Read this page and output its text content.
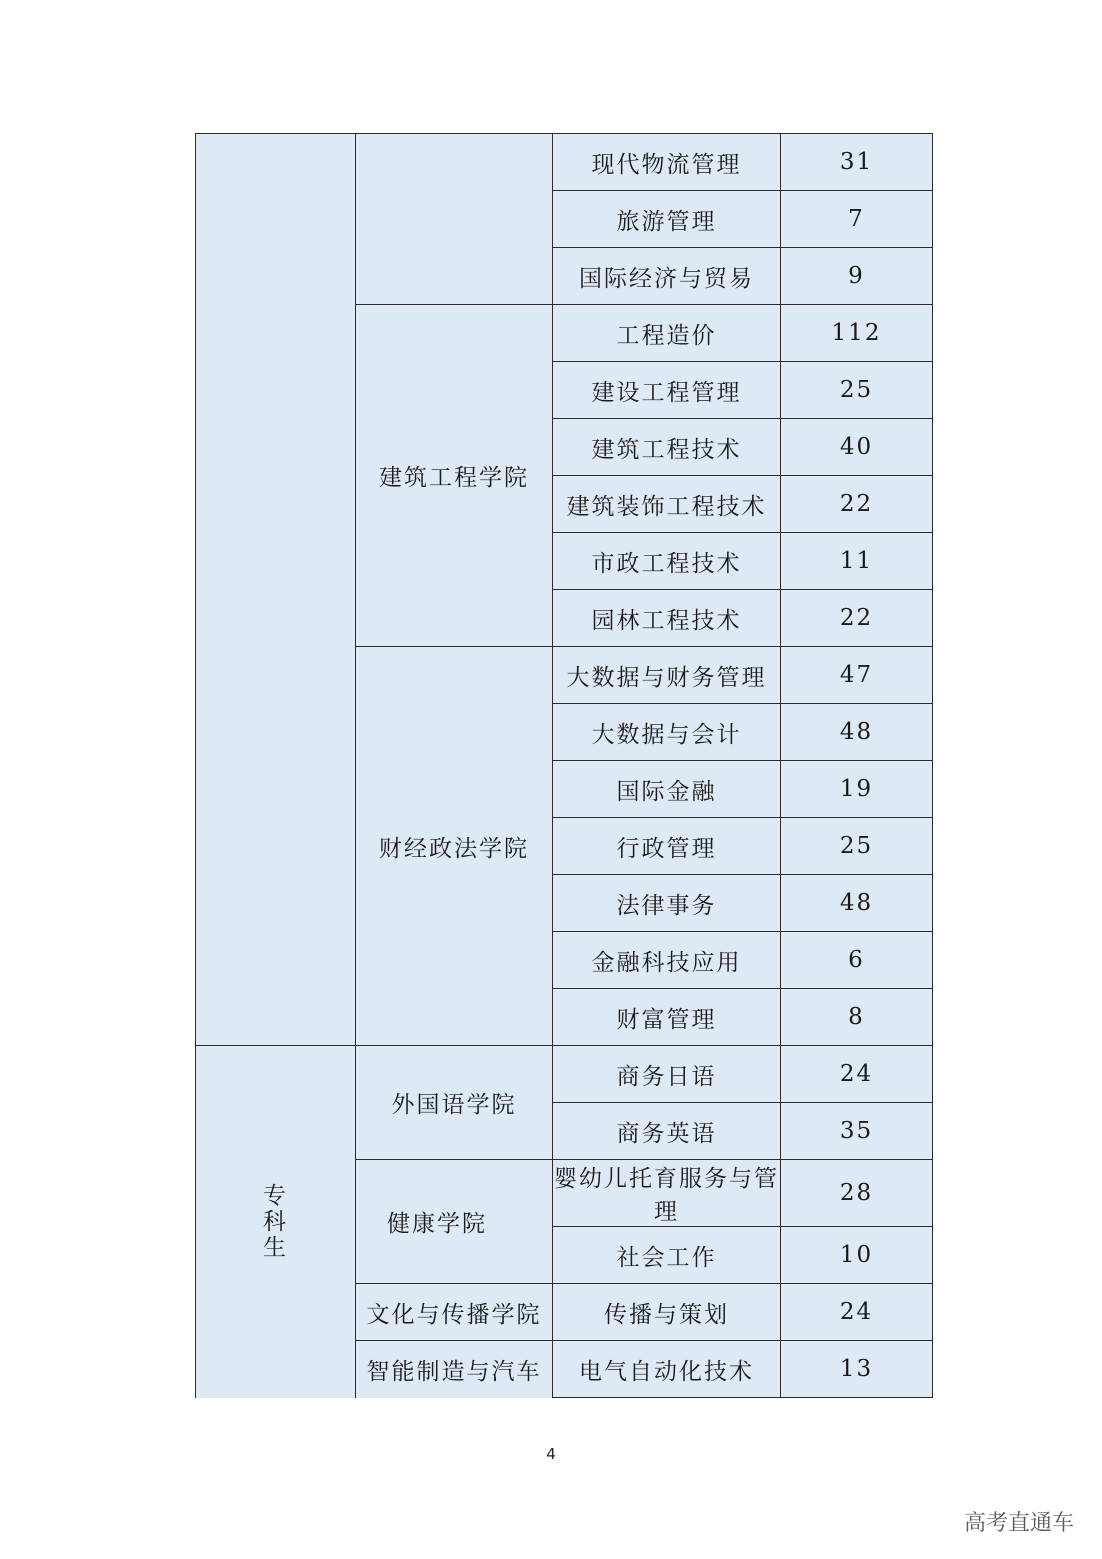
		现代物流管理	31
		旅游管理	7
		国际经济与贸易	9
	建筑工程学院	工程造价	112
		建设工程管理	25
		建筑工程技术	40
		建筑装饰工程技术	22
		市政工程技术	11
		园林工程技术	22
	财经政法学院	大数据与财务管理	47
		大数据与会计	48
		国际金融	19
		行政管理	25
		法律事务	48
		金融科技应用	6
		财富管理	8

专
科
生	外国语学院	商务日语	24
		商务英语	35
	健康学院	婴幼儿托育服务与管理	28
		社会工作	10
	文化与传播学院	传播与策划	24
	智能制造与汽车	电气自动化技术	13
4
高考直通车
